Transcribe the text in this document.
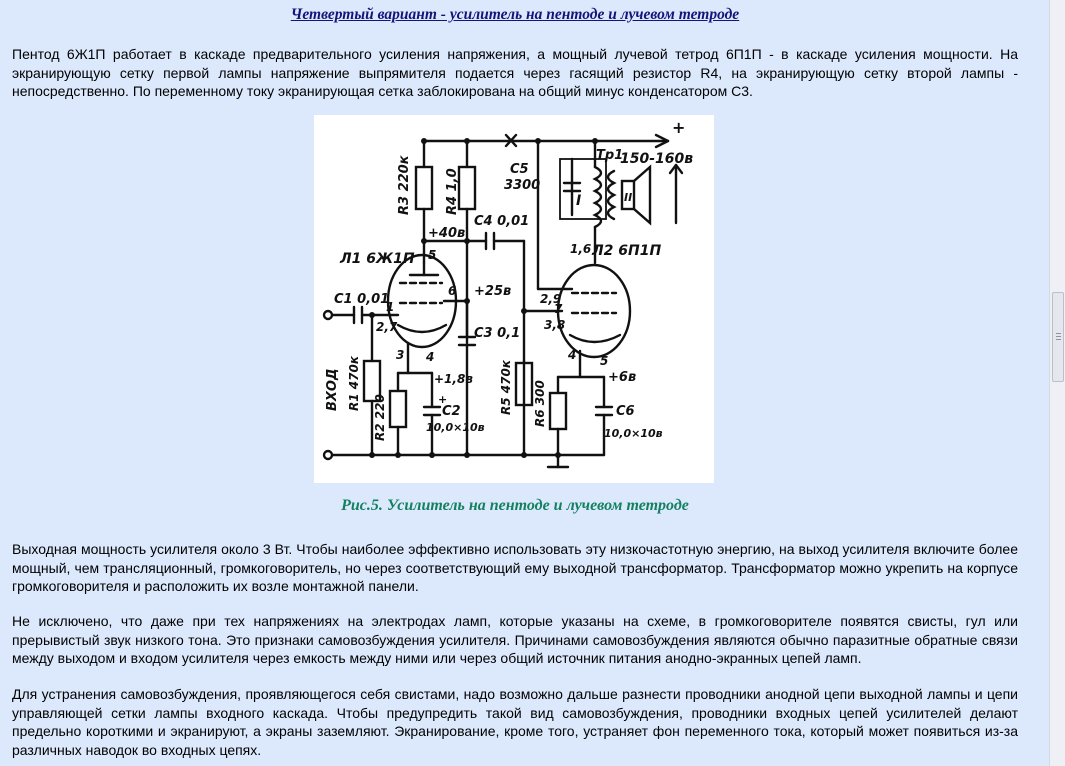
Четвертый вариант - усилитель на пентоде и лучевом тетроде

Пентод 6Ж1П работает в каскаде предварительного усиления напряжения, а мощный лучевой тетрод 6П1П - в каскаде усиления мощности. На экранирующую сетку первой лампы напряжение выпрямителя подается через гасящий резистор R4, на экранирующую сетку второй лампы - непосредственно. По переменному току экранирующая сетка заблокирована на общий минус конденсатором С3.

+
150-160в
Тр1
С5
3300
I	II
R3 220к	R4 1,0
С4 0,01
+40в
Л1 6Ж1П	Л2 6П1П
5
6
1
2,7
3 4
+25в
С3 0,1
С1 0,01
ВХОД R1 470к
R2 220
+1,8в
С2
10,0×10в
R5 470к R6 300
1,6
2,9
7
3,8
4 5
+6в
С6
10,0×10в
+

Рис.5. Усилитель на пентоде и лучевом тетроде

Выходная мощность усилителя около 3 Вт. Чтобы наиболее эффективно использовать эту низкочастотную энергию, на выход усилителя включите более мощный, чем трансляционный, громкоговоритель, но через соответствующий ему выходной трансформатор. Трансформатор можно укрепить на корпусе громкоговорителя и расположить их возле монтажной панели.

Не исключено, что даже при тех напряжениях на электродах ламп, которые указаны на схеме, в громкоговорителе появятся свисты, гул или прерывистый звук низкого тона. Это признаки самовозбуждения усилителя. Причинами самовозбуждения являются обычно паразитные обратные связи между выходом и входом усилителя через емкость между ними или через общий источник питания анодно-экранных цепей ламп.

Для устранения самовозбуждения, проявляющегося себя свистами, надо возможно дальше разнести проводники анодной цепи выходной лампы и цепи управляющей сетки лампы входного каскада. Чтобы предупредить такой вид самовозбуждения, проводники входных цепей усилителей делают предельно короткими и экранируют, а экраны заземляют. Экранирование, кроме того, устраняет фон переменного тока, который может появиться из-за различных наводок во входных цепях.
